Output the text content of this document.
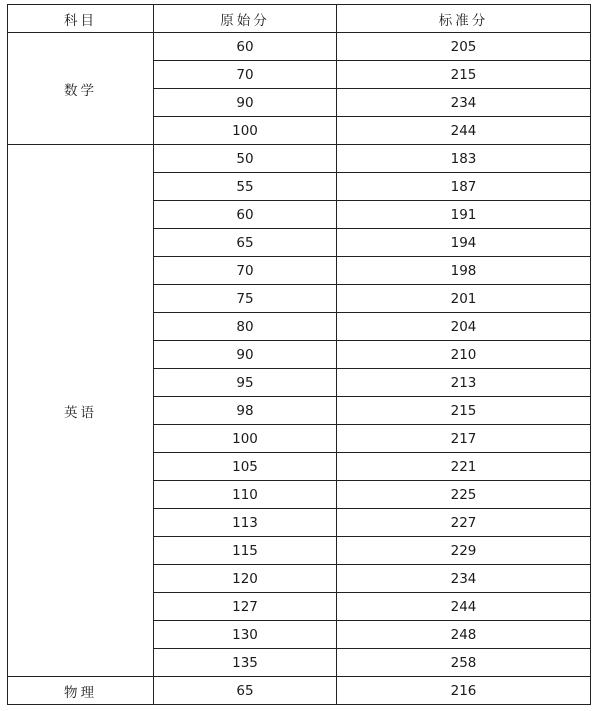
科目	原始分	标准分
数学	60	205
	70	215
	90	234
	100	244
英语	50	183
	55	187
	60	191
	65	194
	70	198
	75	201
	80	204
	90	210
	95	213
	98	215
	100	217
	105	221
	110	225
	113	227
	115	229
	120	234
	127	244
	130	248
	135	258
物理	65	216
